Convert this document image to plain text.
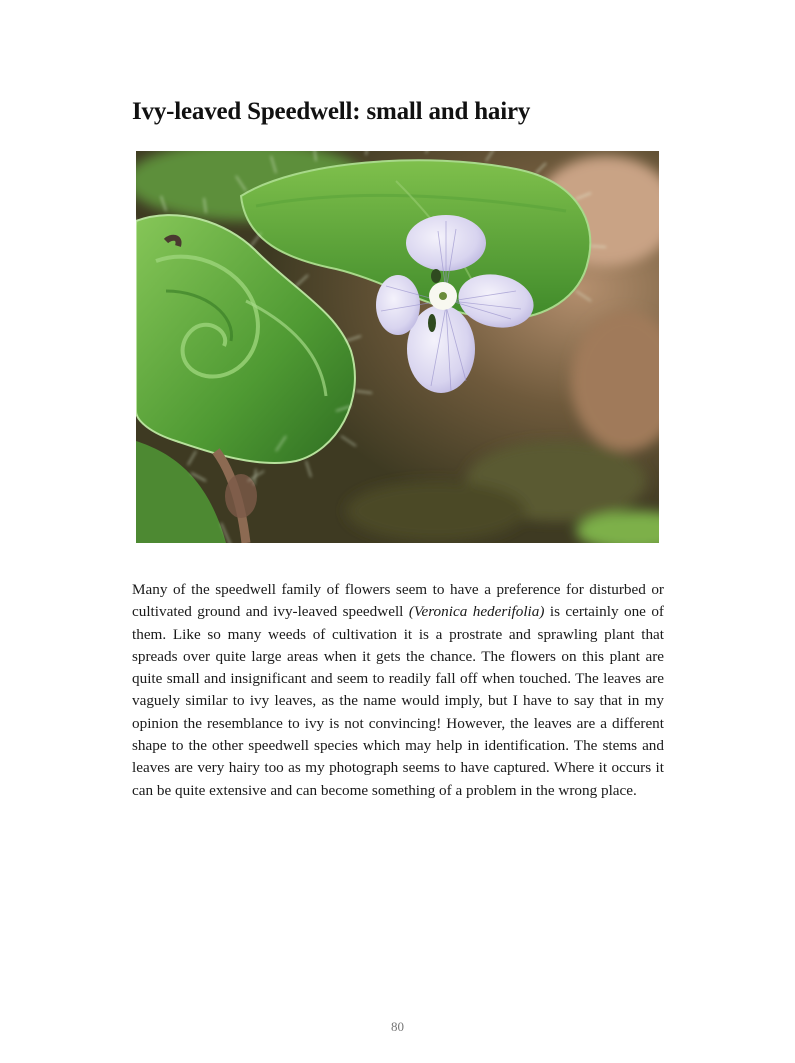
Ivy-leaved Speedwell: small and hairy

Many of the speedwell family of flowers seem to have a preference for disturbed or cultivated ground and ivy-leaved speedwell (Veronica hederifolia) is certainly one of them. Like so many weeds of cultivation it is a prostrate and sprawling plant that spreads over quite large areas when it gets the chance. The flowers on this plant are quite small and insignificant and seem to readily fall off when touched. The leaves are vaguely similar to ivy leaves, as the name would imply, but I have to say that in my opinion the resemblance to ivy is not convincing! However, the leaves are a different shape to the other speedwell species which may help in identification. The stems and leaves are very hairy too as my photograph seems to have captured. Where it occurs it can be quite extensive and can become something of a problem in the wrong place.

80
